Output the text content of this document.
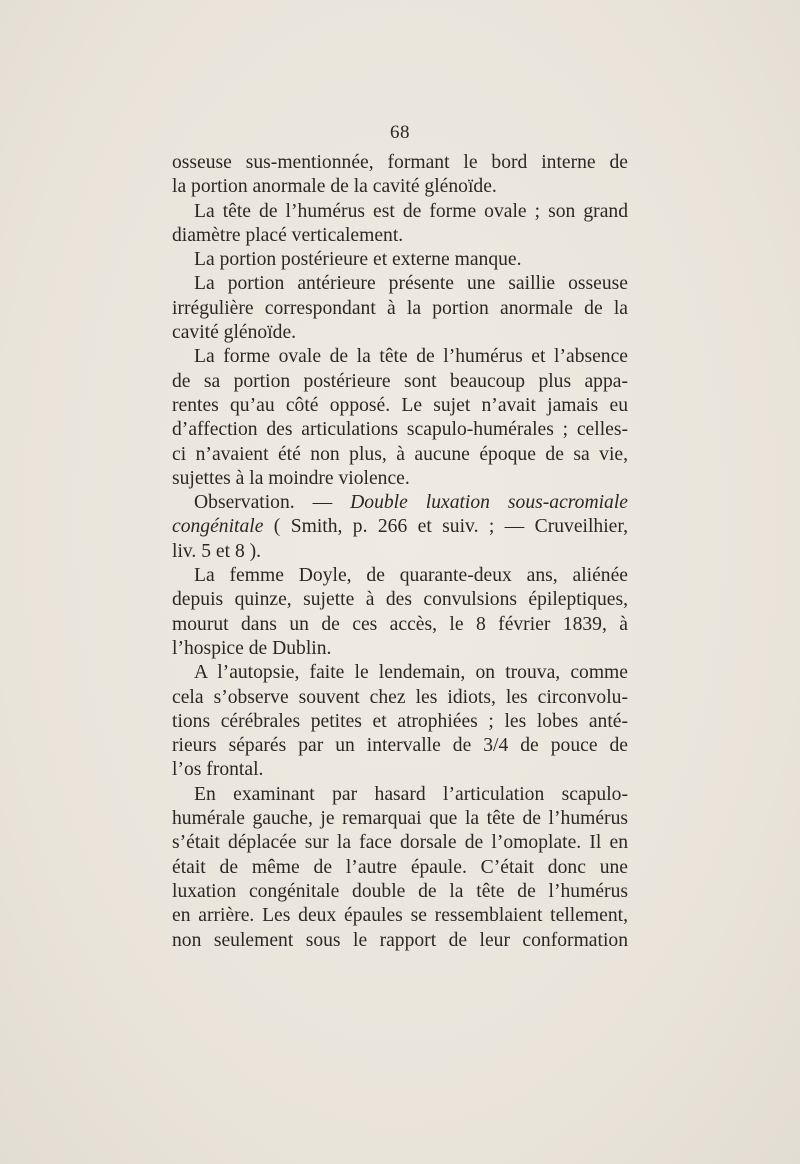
68
osseuse sus-mentionnée, formant le bord interne de
la portion anormale de la cavité glénoïde.
La tête de l’humérus est de forme ovale ; son grand
diamètre placé verticalement.
La portion postérieure et externe manque.
La portion antérieure présente une saillie osseuse
irrégulière correspondant à la portion anormale de la
cavité glénoïde.
La forme ovale de la tête de l’humérus et l’absence
de sa portion postérieure sont beaucoup plus appa-
rentes qu’au côté opposé. Le sujet n’avait jamais eu
d’affection des articulations scapulo-humérales ; celles-
ci n’avaient été non plus, à aucune époque de sa vie,
sujettes à la moindre violence.
Observation. — Double luxation sous-acromiale
congénitale ( Smith, p. 266 et suiv. ; — Cruveilhier,
liv. 5 et 8 ).
La femme Doyle, de quarante-deux ans, aliénée
depuis quinze, sujette à des convulsions épileptiques,
mourut dans un de ces accès, le 8 février 1839, à
l’hospice de Dublin.
A l’autopsie, faite le lendemain, on trouva, comme
cela s’observe souvent chez les idiots, les circonvolu-
tions cérébrales petites et atrophiées ; les lobes anté-
rieurs séparés par un intervalle de 3/4 de pouce de
l’os frontal.
En examinant par hasard l’articulation scapulo-
humérale gauche, je remarquai que la tête de l’humérus
s’était déplacée sur la face dorsale de l’omoplate. Il en
était de même de l’autre épaule. C’était donc une
luxation congénitale double de la tête de l’humérus
en arrière. Les deux épaules se ressemblaient tellement,
non seulement sous le rapport de leur conformation
